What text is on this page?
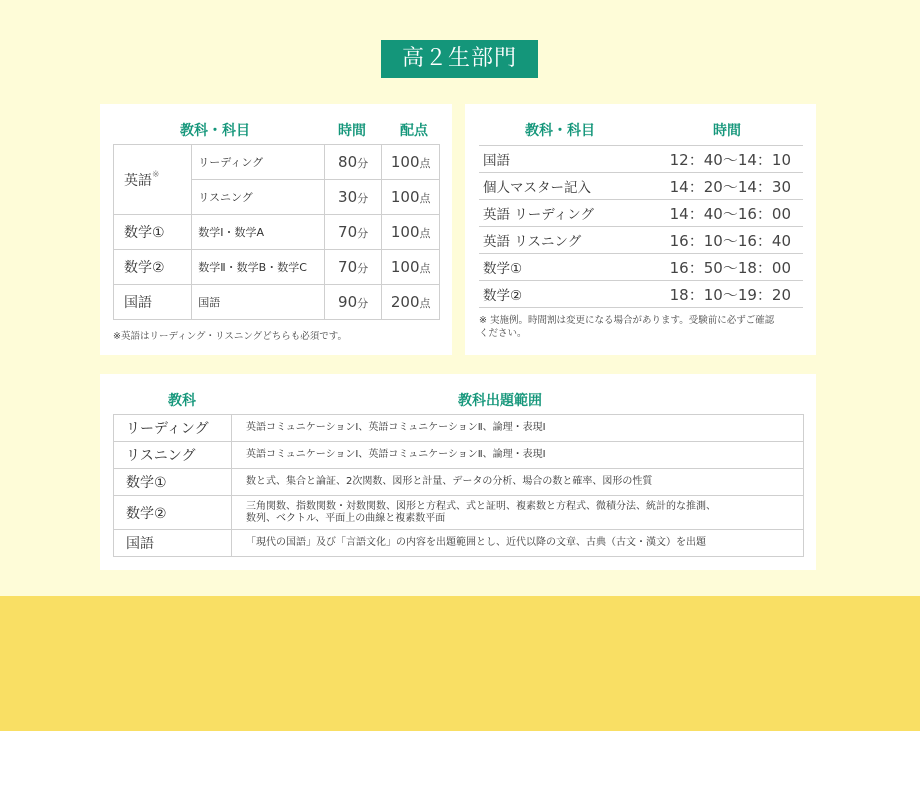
高２生部門
教科・科目	時間	配点
英語※	リーディング	80分	100点
	リスニング	30分	100点
数学①	数学Ⅰ・数学A	70分	100点
数学②	数学Ⅱ・数学B・数学C	70分	100点
国語	国語	90分	200点
※英語はリーディング・リスニングどちらも必須です。
教科・科目	時間
国語	12：40〜14：10
個人マスター記入	14：20〜14：30
英語 リーディング	14：40〜16：00
英語 リスニング	16：10〜16：40
数学①	16：50〜18：00
数学②	18：10〜19：20
※ 実施例。時間割は変更になる場合があります。受験前に必ずご確認
ください。
教科	教科出題範囲
リーディング	英語コミュニケーションⅠ、英語コミュニケーションⅡ、論理・表現Ⅰ
リスニング	英語コミュニケーションⅠ、英語コミュニケーションⅡ、論理・表現Ⅰ
数学①	数と式、集合と論証、2次関数、図形と計量、データの分析、場合の数と確率、図形の性質
数学②	三角関数、指数関数・対数関数、図形と方程式、式と証明、複素数と方程式、微積分法、統計的な推測、
数列、ベクトル、平面上の曲線と複素数平面

国語	「現代の国語」及び「言語文化」の内容を出題範囲とし、近代以降の文章、古典（古文・漢文）を出題
